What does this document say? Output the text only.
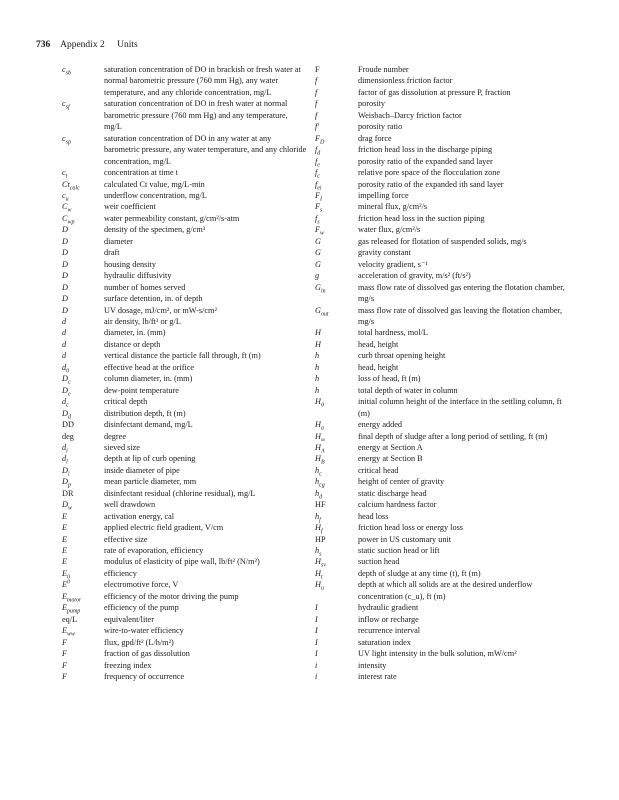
736 Appendix 2 Units
$c_{sb}$	saturation concentration of DO in brackish or fresh water at normal barometric pressure (760 mm Hg), any water temperature, and any chloride concentration, mg/L
$c_{sf}$	saturation concentration of DO in fresh water at normal barometric pressure (760 mm Hg) and any temperature, mg/L
$c_{sp}$	saturation concentration of DO in any water at any barometric pressure, any water temperature, and any chloride concentration, mg/L
$c_t$	concentration at time t
$Ct_{calc}$	calculated Ct value, mg/L-min
$c_u$	underflow concentration, mg/L
$C_w$	weir coefficient
$C_{wp}$	water permeability constant, g/cm²/s-atm
D	density of the specimen, g/cm³
D	diameter
D	draft
D	housing density
D	hydraulic diffusivity
D	number of homes served
D	surface detention, in. of depth
D	UV dosage, mJ/cm², or mW-s/cm²
d	air density, lb/ft³ or g/L
d	diameter, in. (mm)
d	distance or depth
d	vertical distance the particle fall through, ft (m)
$d_0$	effective head at the orifice
$D_c$	column diameter, in. (mm)
$D_e$	dew-point temperature
$d_c$	critical depth
$D_d$	distribution depth, ft (m)
DD	disinfectant demand, mg/L
deg	degree
$d_i$	sieved size
$d_l$	depth at lip of curb opening
$D_i$	inside diameter of pipe
$D_p$	mean particle diameter, mm
DR	disinfectant residual (chlorine residual), mg/L
$D_w$	well drawdown
E	activation energy, cal
E	applied electric field gradient, V/cm
E	effective size
E	rate of evaporation, efficiency
E	modulus of elasticity of pipe wall, lb/ft² (N/m²)
$E_0$	efficiency
$E^0$	electromotive force, V
$E_{motor}$	efficiency of the motor driving the pump
$E_{pump}$	efficiency of the pump
eq/L	equivalent/liter
$E_{ww}$	wire-to-water efficiency
F	flux, gpd/ft² (L/h/m²)
F	fraction of gas dissolution
F	freezing index
F	frequency of occurrence
F	Froude number
f	dimensionless friction factor
f	factor of gas dissolution at pressure P, fraction
f	porosity
f	Weisbach–Darcy friction factor
f'	porosity ratio
$F_D$	drag force
$f_d$	friction head loss in the discharge piping
$f_e$	porosity ratio of the expanded sand layer
$f_c$	relative pore space of the flocculation zone
$f_{ei}$	porosity ratio of the expanded ith sand layer
$F_I$	impelling force
$F_s$	mineral flux, g/cm²/s
$f_s$	friction head loss in the suction piping
$F_w$	water flux, g/cm²/s
G	gas released for flotation of suspended solids, mg/s
G	gravity constant
G	velocity gradient, s⁻¹
g	acceleration of gravity, m/s² (ft/s²)
$G_{in}$	mass flow rate of dissolved gas entering the flotation chamber, mg/s
$G_{out}$	mass flow rate of dissolved gas leaving the flotation chamber, mg/s
H	total hardness, mol/L
H	head, height
h	curb throat opening height
h	head, height
h	loss of head, ft (m)
h	total depth of water in column
$H_0$	initial column height of the interface in the settling column, ft (m)
$H_a$	energy added
$H_\infty$	final depth of sludge after a long period of settling, ft (m)
$H_A$	energy at Section A
$H_B$	energy at Section B
$h_c$	critical head
$h_{cg}$	height of center of gravity
$h_d$	static discharge head
HF	calcium hardness factor
$h_f$	head loss
$H_f$	friction head loss or energy loss
HP	power in US customary unit
$h_s$	static suction head or lift
$H_{sv}$	suction head
$H_t$	depth of sludge at any time (t), ft (m)
$H_u$	depth at which all solids are at the desired underflow concentration (c_u), ft (m)
I	hydraulic gradient
I	inflow or recharge
I	recurrence interval
I	saturation index
I	UV light intensity in the bulk solution, mW/cm²
i	intensity
i	interest rate
